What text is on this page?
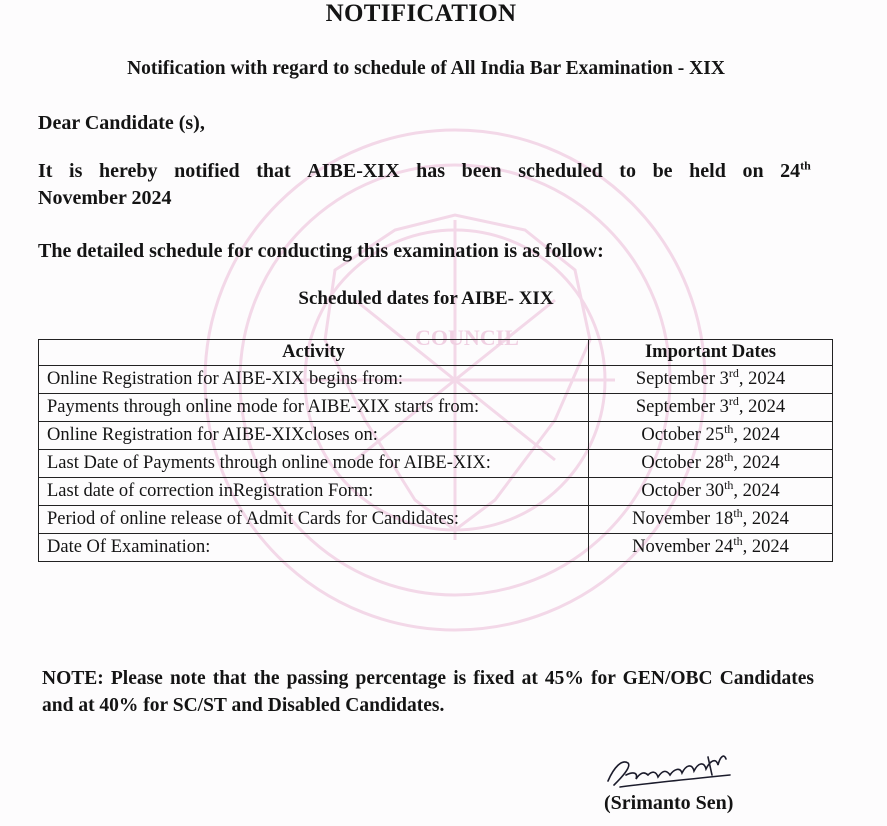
COUNCIL
NOTIFICATION
Notification with regard to schedule of All India Bar Examination - XIX
Dear Candidate (s),
It is hereby notified that AIBE-XIX has been scheduled to be held on 24th
November 2024
The detailed schedule for conducting this examination is as follow:
Scheduled dates for AIBE- XIX
Activity	Important Dates
Online Registration for AIBE-XIX begins from:	September 3rd, 2024
Payments through online mode for AIBE-XIX starts from:	September 3rd, 2024
Online Registration for AIBE-XIXcloses on:	October 25th, 2024
Last Date of Payments through online mode for AIBE-XIX:	October 28th, 2024
Last date of correction inRegistration Form:	October 30th, 2024
Period of online release of Admit Cards for Candidates:	November 18th, 2024
Date Of Examination:	November 24th, 2024
NOTE: Please note that the passing percentage is fixed at 45% for GEN/OBC Candidates and at 40% for SC/ST and Disabled Candidates.
(Srimanto Sen)
